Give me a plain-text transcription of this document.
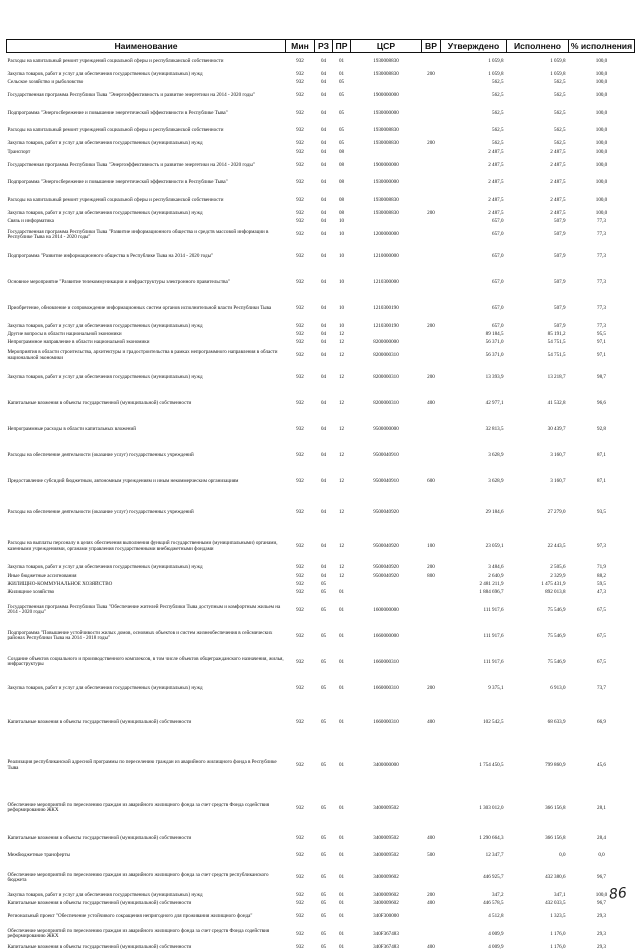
Наименование	Мин	РЗ	ПР	ЦСР	ВР	Утверждено	Исполнено	% исполнения
Расходы на капитальный ремонт учреждений социальной сферы и республиканской собственности	932	04	01	1930008830		1 059,8	1 059,8	100,0
Закупка товаров, работ и услуг для обеспечения государственных (муниципальных) нужд	932	04	01	1930008830	200	1 059,8	1 059,8	100,0
Сельское хозяйство и рыболовство	932	04	05			562,5	562,5	100,0
Государственная программа Республики Тыва "Энергоэффективность и развитие энергетики на 2014 - 2020 годы"	932	04	05	1900000000		562,5	562,5	100,0
Подпрограмма "Энергосбережение и повышение энергетической эффективности в Республике Тыва"	932	04	05	1930000000		562,5	562,5	100,0
Расходы на капитальный ремонт учреждений социальной сферы и республиканской собственности	932	04	05	1930008830		562,5	562,5	100,0
Закупка товаров, работ и услуг для обеспечения государственных (муниципальных) нужд	932	04	05	1930008830	200	562,5	562,5	100,0
Транспорт	932	04	08			2 487,5	2 487,5	100,0
Государственная программа Республики Тыва "Энергоэффективность и развитие энергетики на 2014 - 2020 годы"	932	04	08	1900000000		2 487,5	2 487,5	100,0
Подпрограмма "Энергосбережение и повышение энергетической эффективности в Республике Тыва"	932	04	08	1930000000		2 487,5	2 487,5	100,0
Расходы на капитальный ремонт учреждений социальной сферы и республиканской собственности	932	04	08	1930008830		2 487,5	2 487,5	100,0
Закупка товаров, работ и услуг для обеспечения государственных (муниципальных) нужд	932	04	08	1930008830	200	2 487,5	2 487,5	100,0
Связь и информатика	932	04	10			657,0	507,9	77,3
Государственная программа Республики Тыва "Развитие информационного общества и средств массовой информации в Республике Тыва на 2014 - 2020 годы"	932	04	10	1200000000		657,0	507,9	77,3
Подпрограмма "Развитие информационного общества в Республике Тыва на 2014 - 2020 годы"	932	04	10	1210000000		657,0	507,9	77,3
Основное мероприятие "Развитие телекоммуникации и инфраструктуры электронного правительства"	932	04	10	1210300000		657,0	507,9	77,3
Приобретение, обновление и сопровождение информационных систем органов исполнительной власти Республики Тыва	932	04	10	1210300190		657,0	507,9	77,3
Закупка товаров, работ и услуг для обеспечения государственных (муниципальных) нужд	932	04	10	1210300190	200	657,0	507,9	77,3
Другие вопросы в области национальной экономики	932	04	12			89 184,5	85 191,2	95,5
Непрограммное направление в области национальной экономики	932	04	12	8200000000		56 371,0	54 751,5	97,1
Мероприятия в области строительства, архитектуры и градостроительства в рамках непрограммного направления в области национальной экономики	932	04	12	8200000310		56 371,0	54 751,5	97,1
Закупка товаров, работ и услуг для обеспечения государственных (муниципальных) нужд	932	04	12	8200000310	200	13 393,9	13 218,7	98,7
Капитальные вложения в объекты государственной (муниципальной) собственности	932	04	12	8200000310	400	42 977,1	41 532,8	96,6
Непрограммные расходы в области капитальных вложений	932	04	12	9500000000		32 813,5	30 439,7	92,8
Расходы на обеспечение деятельности (оказание услуг) государственных учреждений	932	04	12	9500040910		3 628,9	3 160,7	87,1
Предоставление субсидий бюджетным, автономным учреждениям и иным некоммерческим организациям	932	04	12	9500040910	600	3 628,9	3 160,7	87,1
Расходы на обеспечение деятельности (оказание услуг) государственных учреждений	932	04	12	9500040920		29 184,6	27 279,0	93,5
Расходы на выплаты персоналу в целях обеспечения выполнения функций государственными (муниципальными) органами, казенными учреждениями, органами управления государственными внебюджетными фондами	932	04	12	9500040920	100	23 059,1	22 443,5	97,3
Закупка товаров, работ и услуг для обеспечения государственных (муниципальных) нужд	932	04	12	9500040920	200	3 484,6	2 505,6	71,9
Иные бюджетные ассигнования	932	04	12	9500040920	800	2 640,9	2 329,9	88,2
ЖИЛИЩНО-КОММУНАЛЬНОЕ ХОЗЯЙСТВО	932	05				2 481 211,9	1 475 431,9	59,5
Жилищное хозяйство	932	05	01			1 884 696,7	892 013,8	47,3
Государственная программа Республики Тыва "Обеспечение жителей Республики Тыва доступным и комфортным жильем на 2014 - 2020 годы"	932	05	01	1600000000		111 917,6	75 546,9	67,5
Подпрограмма "Повышение устойчивости жилых домов, основных объектов и систем жизнеобеспечения в сейсмических районах Республики Тыва на 2014 - 2018 годы"	932	05	01	1660000000		111 917,6	75 546,9	67,5
Создание объектов социального и производственного комплексов, в том числе объектов общегражданского назначения, жилья, инфраструктуры	932	05	01	1660000310		111 917,6	75 546,9	67,5
Закупка товаров, работ и услуг для обеспечения государственных (муниципальных) нужд	932	05	01	1660000310	200	9 375,1	6 913,0	73,7
Капитальные вложения в объекты государственной (муниципальной) собственности	932	05	01	1660000310	400	102 542,5	68 633,9	66,9
Реализация республиканской адресной программы по переселению граждан из аварийного жилищного фонда в Республике Тыва	932	05	01	3400000000		1 754 450,5	799 860,9	45,6
Обеспечение мероприятий по переселению граждан из аварийного жилищного фонда за счет средств Фонда содействия реформированию ЖКХ	932	05	01	3400009502		1 303 012,0	366 156,8	28,1
Капитальные вложения в объекты государственной (муниципальной) собственности	932	05	01	3400009502	400	1 290 664,3	366 156,8	28,4
Межбюджетные трансферты	932	05	01	3400009502	500	12 347,7	0,0	0,0
Обеспечение мероприятий по переселению граждан из аварийного жилищного фонда за счет средств республиканского бюджета	932	05	01	3400009602		446 925,7	432 380,6	96,7
Закупка товаров, работ и услуг для обеспечения государственных (муниципальных) нужд	932	05	01	3400009602	200	347,2	347,1	100,0
Капитальные вложения в объекты государственной (муниципальной) собственности	932	05	01	3400009602	400	446 578,5	432 033,5	96,7
Региональный проект "Обеспечение устойчивого сокращения непригодного для проживания жилищного фонда"	932	05	01	340F300000		4 512,8	1 323,5	29,3
Обеспечение мероприятий по переселению граждан из аварийного жилищного фонда за счет средств Фонда содействия реформированию ЖКХ	932	05	01	340F367483		4 009,9	1 176,0	29,3
Капитальные вложения в объекты государственной (муниципальной) собственности	932	05	01	340F367483	400	4 009,9	1 176,0	29,3
86
